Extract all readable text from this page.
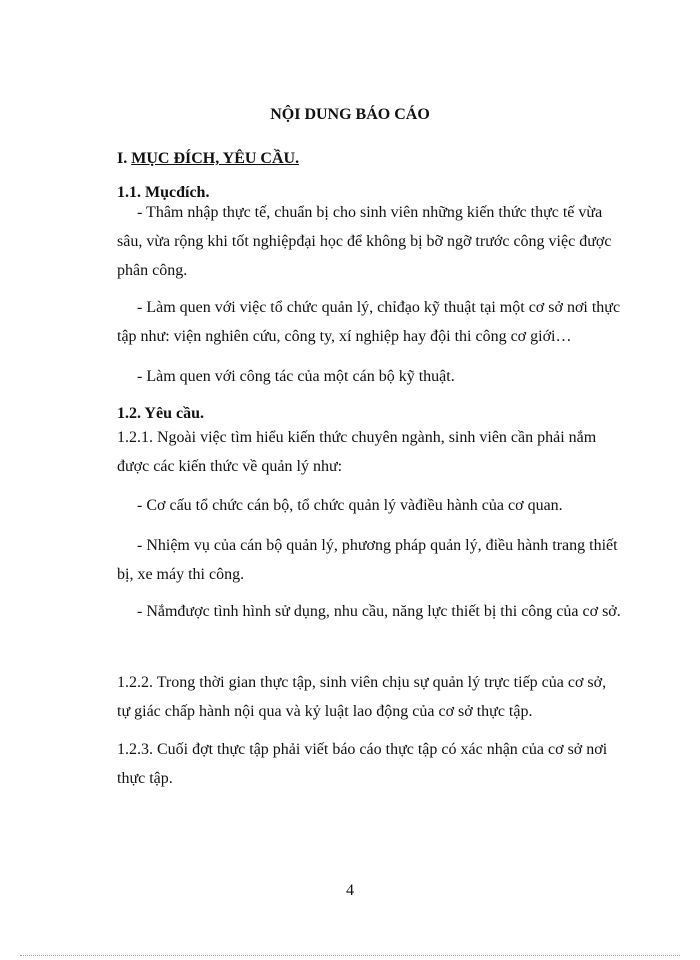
NỘI DUNG BÁO CÁO
I. MỤC ĐÍCH, YÊU CẦU.
1.1. Mụcđích.
- Thâm nhập thực tế, chuẩn bị cho sinh viên những kiến thức thực tế vừa sâu, vừa rộng khi tốt nghiệpđại học để không bị bỡ ngỡ trước công việc được phân công.
- Làm quen với việc tổ chức quản lý, chỉđạo kỹ thuật tại một cơ sở nơi thực tập như: viện nghiên cứu, công ty, xí nghiệp hay đội thi công cơ giới…
- Làm quen với công tác của một cán bộ kỹ thuật.
1.2. Yêu cầu.
1.2.1. Ngoài việc tìm hiểu kiến thức chuyên ngành, sinh viên cần phải nắm được các kiến thức về quản lý như:
- Cơ cấu tổ chức cán bộ, tổ chức quản lý vàđiều hành của cơ quan.
- Nhiệm vụ của cán bộ quản lý, phương pháp quản lý, điều hành trang thiết bị, xe máy thi công.
- Nắmđược tình hình sử dụng, nhu cầu, năng lực thiết bị thi công của cơ sở.
1.2.2. Trong thời gian thực tập, sinh viên chịu sự quản lý trực tiếp của cơ sở, tự giác chấp hành nội qua và kỷ luật lao động của cơ sở thực tập.
1.2.3. Cuối đợt thực tập phải viết báo cáo thực tập có xác nhận của cơ sở nơi thực tập.
4
